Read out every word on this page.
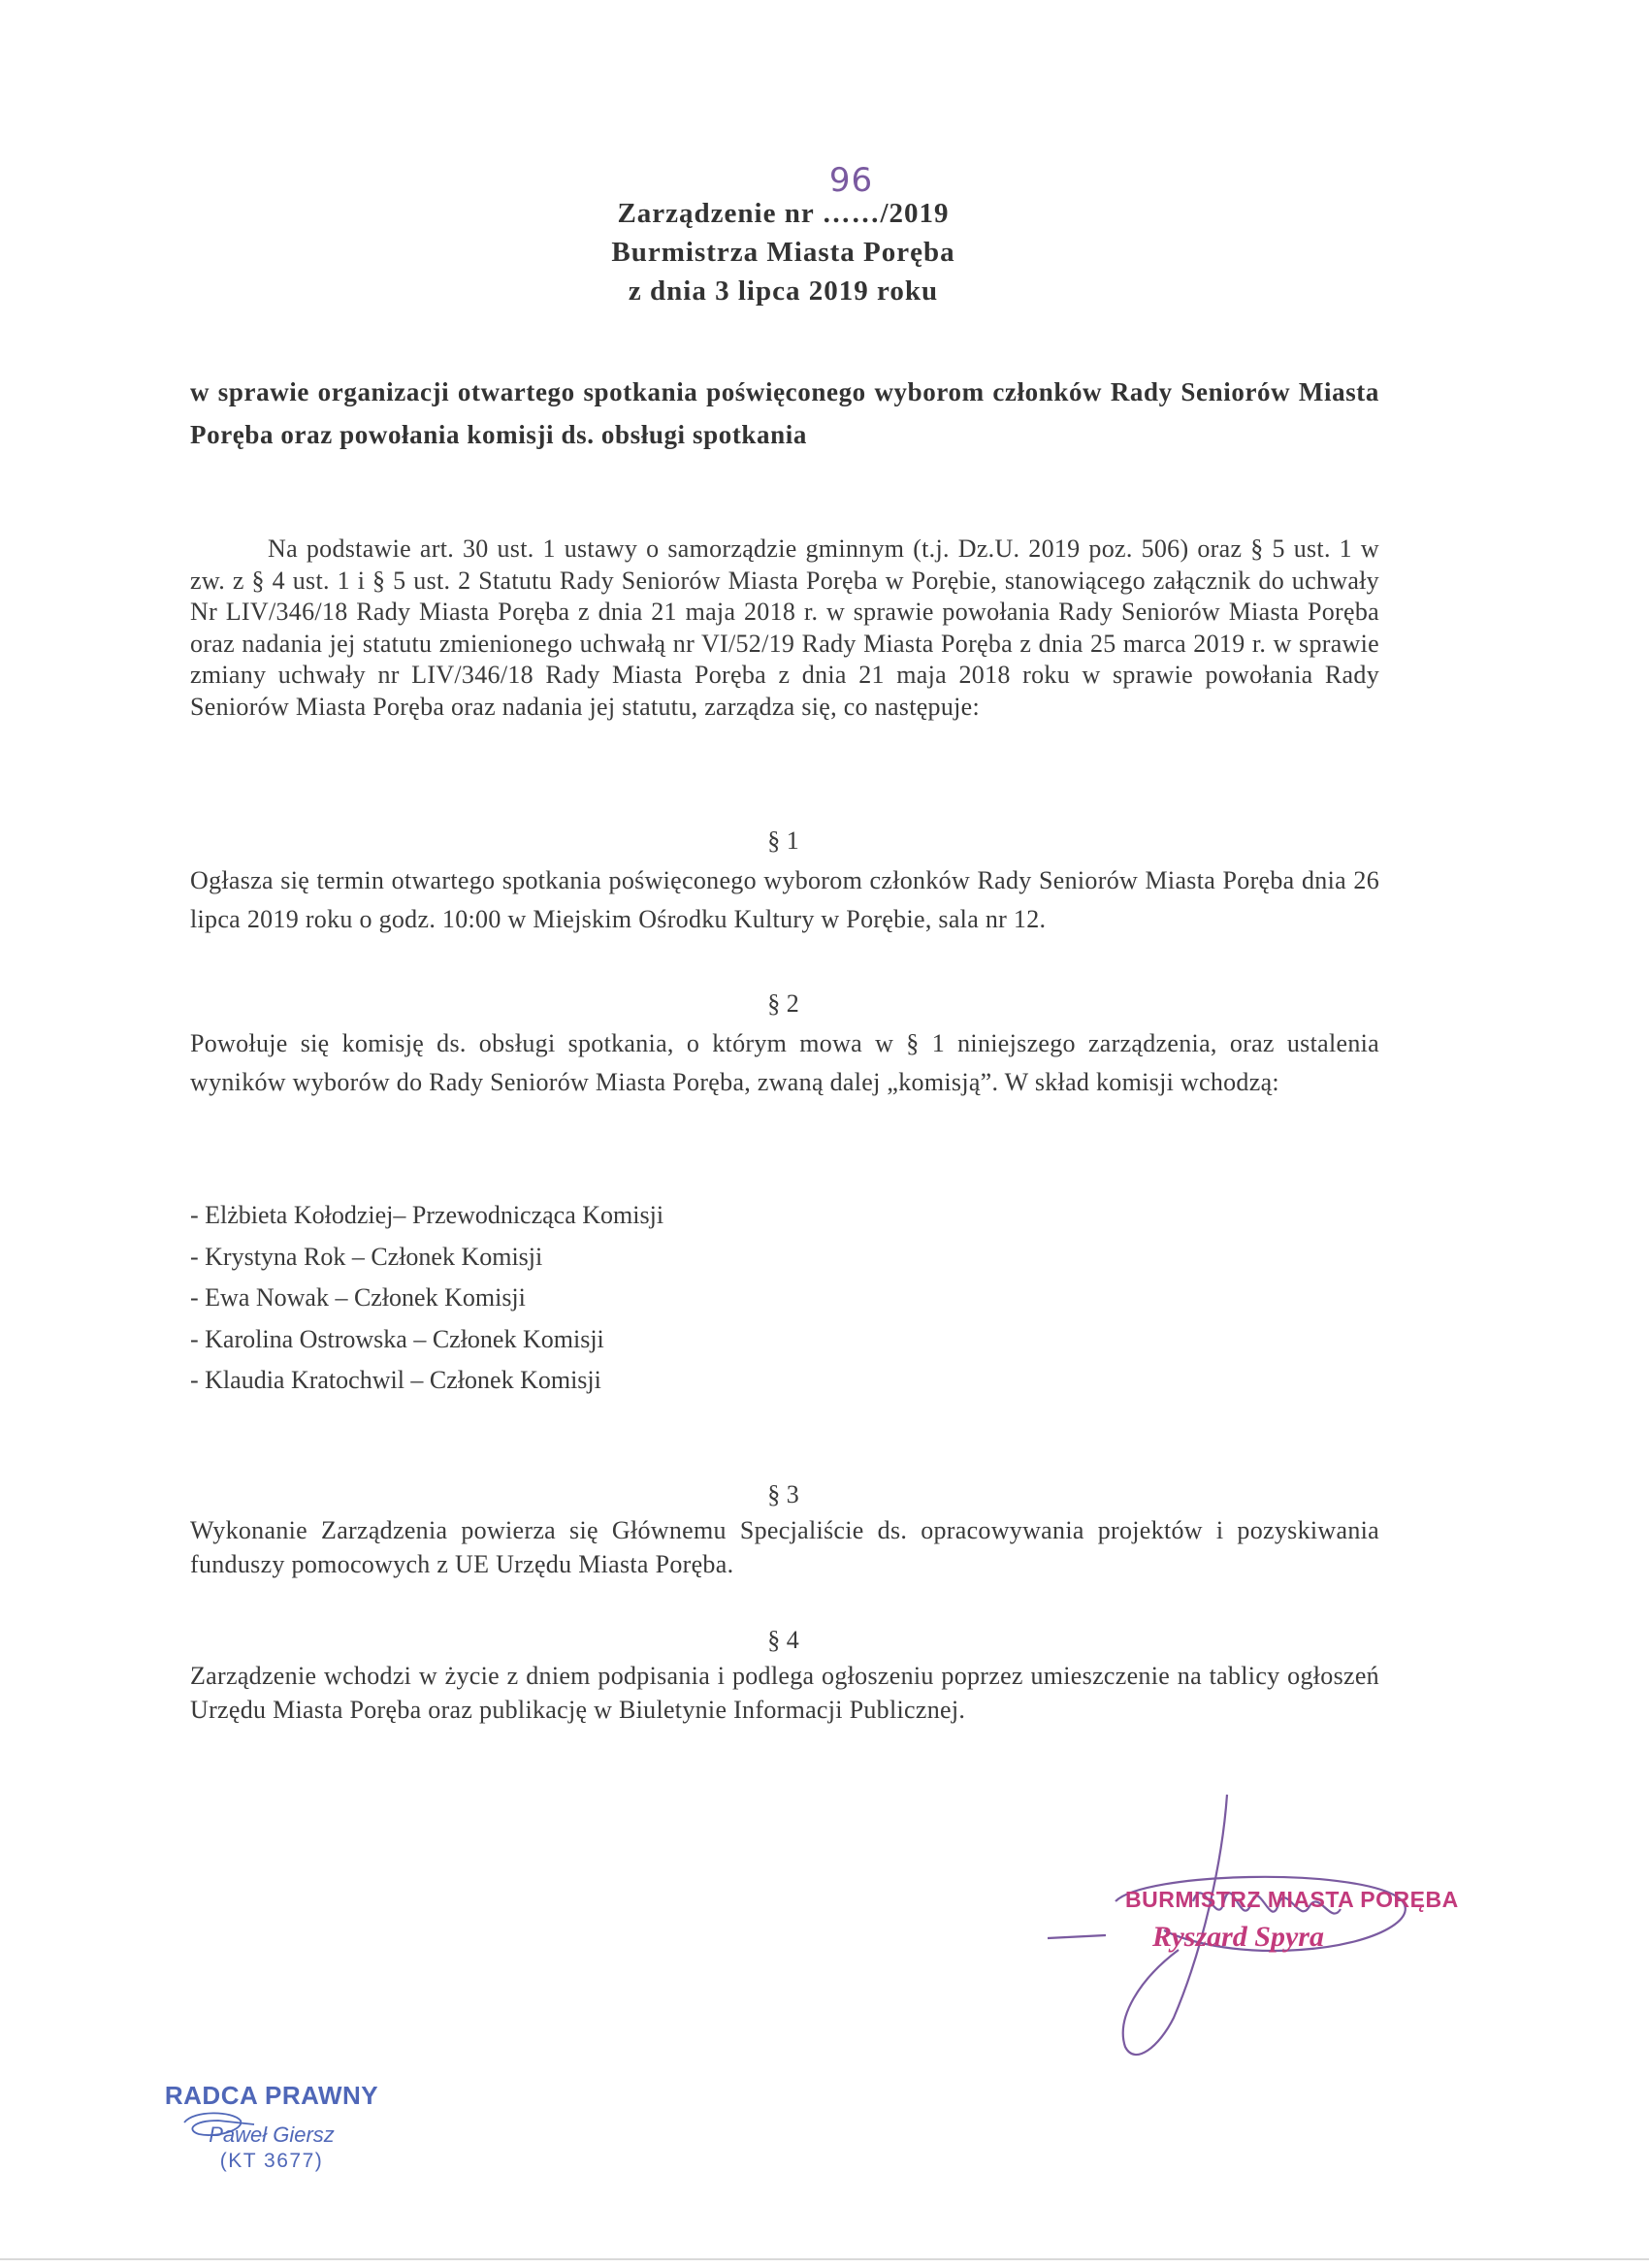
Zarządzenie nr
96
……/2019
Burmistrza Miasta Poręba
z dnia 3 lipca 2019 roku
w sprawie organizacji otwartego spotkania poświęconego wyborom członków Rady Seniorów Miasta Poręba oraz powołania komisji ds. obsługi spotkania
Na podstawie art. 30 ust. 1 ustawy o samorządzie gminnym (t.j. Dz.U. 2019 poz. 506) oraz § 5 ust. 1 w zw. z § 4 ust. 1 i § 5 ust. 2 Statutu Rady Seniorów Miasta Poręba w Porębie, stanowiącego załącznik do uchwały Nr LIV/346/18 Rady Miasta Poręba z dnia 21 maja 2018 r. w sprawie powołania Rady Seniorów Miasta Poręba oraz nadania jej statutu zmienionego uchwałą nr VI/52/19 Rady Miasta Poręba z dnia 25 marca 2019 r. w sprawie zmiany uchwały nr LIV/346/18 Rady Miasta Poręba z dnia 21 maja 2018 roku w sprawie powołania Rady Seniorów Miasta Poręba oraz nadania jej statutu, zarządza się, co następuje:
§ 1
Ogłasza się termin otwartego spotkania poświęconego wyborom członków Rady Seniorów Miasta Poręba dnia 26 lipca 2019 roku o godz. 10:00 w Miejskim Ośrodku Kultury w Porębie, sala nr 12.
§ 2
Powołuje się komisję ds. obsługi spotkania, o którym mowa w § 1 niniejszego zarządzenia, oraz ustalenia wyników wyborów do Rady Seniorów Miasta Poręba, zwaną dalej „komisją”. W skład komisji wchodzą:
- Elżbieta Kołodziej– Przewodnicząca Komisji
- Krystyna Rok – Członek Komisji
- Ewa Nowak – Członek Komisji
- Karolina Ostrowska – Członek Komisji
- Klaudia Kratochwil – Członek Komisji
§ 3
Wykonanie Zarządzenia powierza się Głównemu Specjaliście ds. opracowywania projektów i pozyskiwania funduszy pomocowych z UE Urzędu Miasta Poręba.
§ 4
Zarządzenie wchodzi w życie z dniem podpisania i podlega ogłoszeniu poprzez umieszczenie na tablicy ogłoszeń Urzędu Miasta Poręba oraz publikację w Biuletynie Informacji Publicznej.
BURMISTRZ MIASTA PORĘBA
Ryszard Spyra
RADCA PRAWNY
Paweł Giersz
(KT 3677)
